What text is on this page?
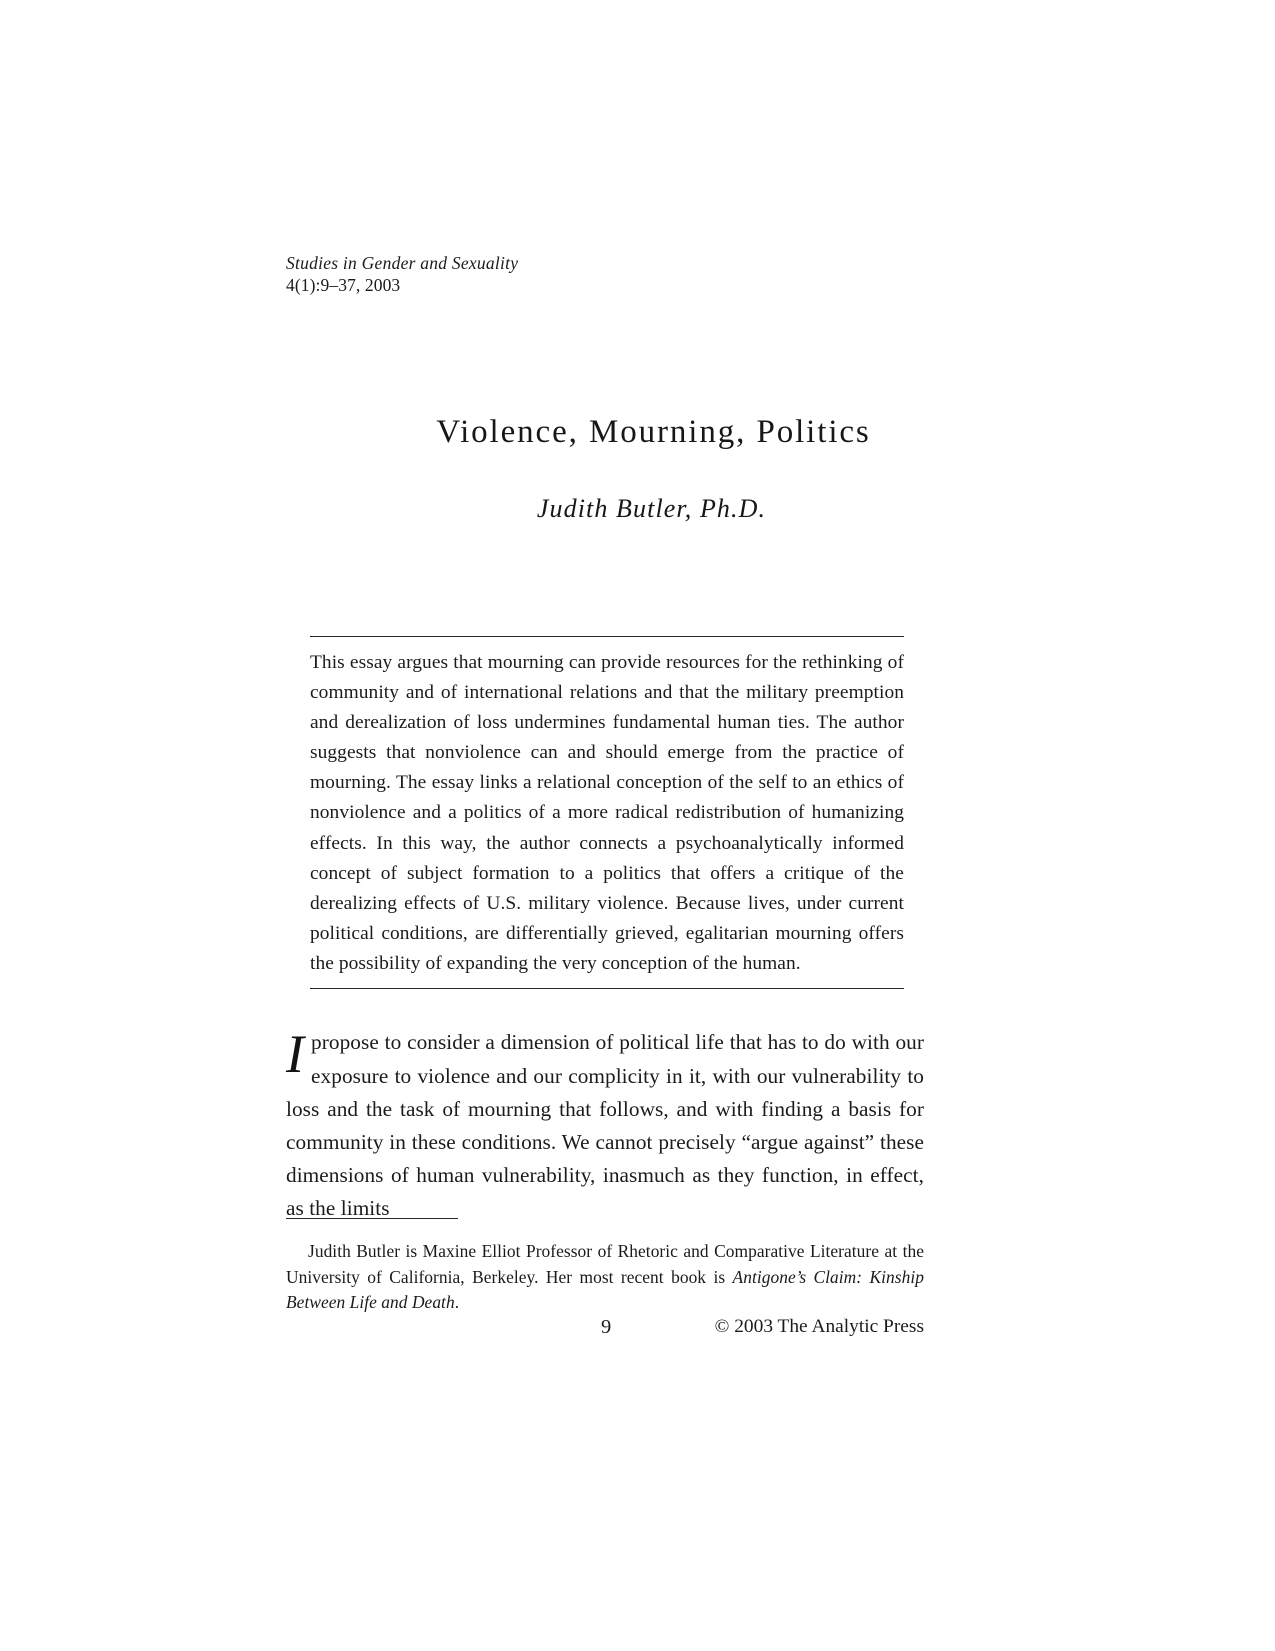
Studies in Gender and Sexuality
4(1):9–37, 2003
Violence, Mourning, Politics
Judith Butler, Ph.D.
This essay argues that mourning can provide resources for the rethinking of community and of international relations and that the military preemption and derealization of loss undermines fundamental human ties. The author suggests that nonviolence can and should emerge from the practice of mourning. The essay links a relational conception of the self to an ethics of nonviolence and a politics of a more radical redistribution of humanizing effects. In this way, the author connects a psychoanalytically informed concept of subject formation to a politics that offers a critique of the derealizing effects of U.S. military violence. Because lives, under current political conditions, are differentially grieved, egalitarian mourning offers the possibility of expanding the very conception of the human.

Ipropose to consider a dimension of political life that has to do with our exposure to violence and our complicity in it, with our vulnerability to loss and the task of mourning that follows, and with finding a basis for community in these conditions. We cannot precisely “argue against” these dimensions of human vulnerability, inasmuch as they function, in effect, as the limits

Judith Butler is Maxine Elliot Professor of Rhetoric and Comparative Literature at the University of California, Berkeley. Her most recent book is Antigone’s Claim: Kinship Between Life and Death.
9	© 2003 The Analytic Press
